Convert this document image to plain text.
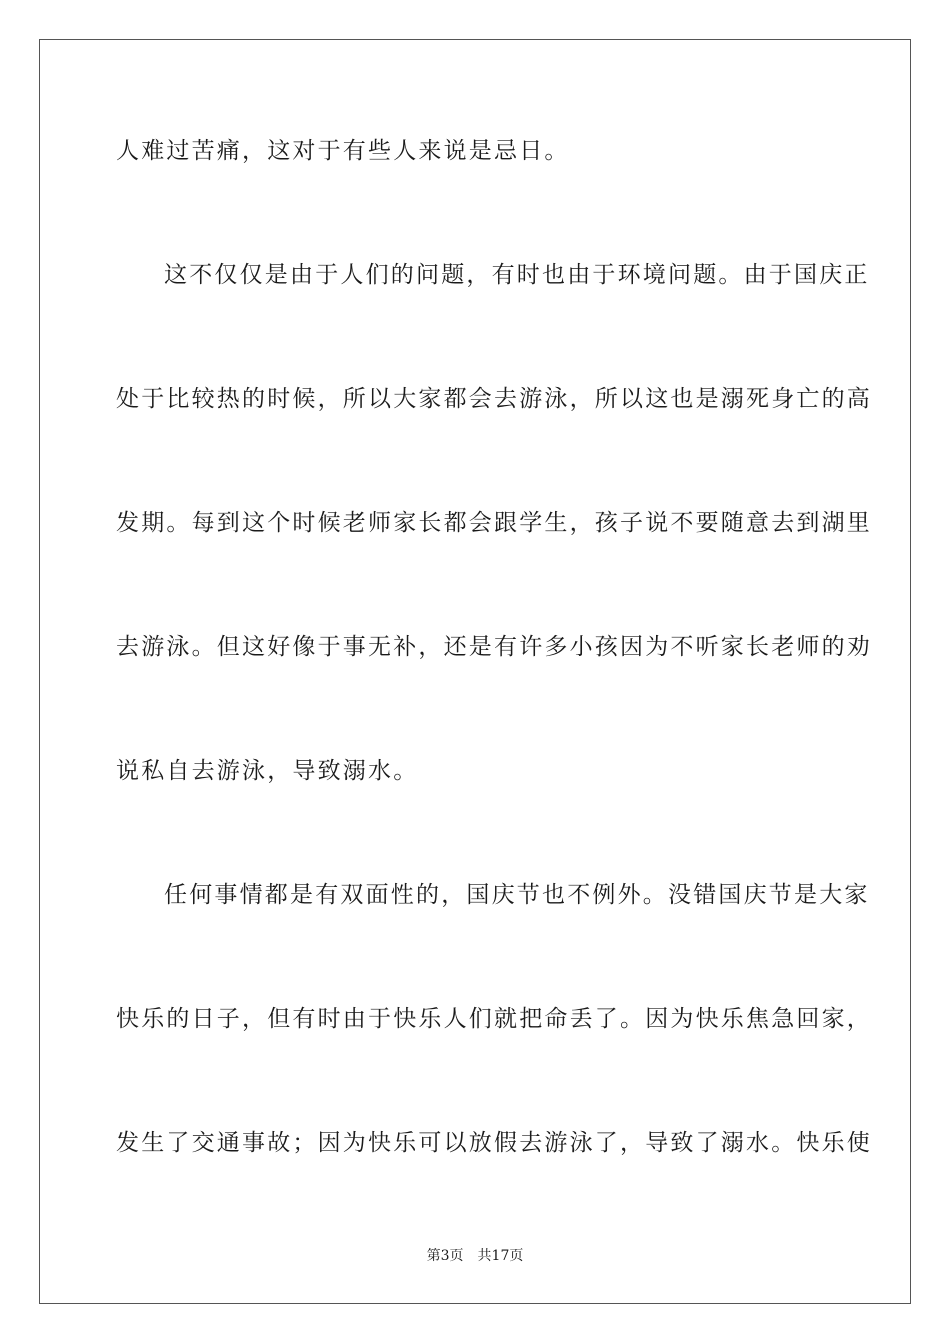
人难过苦痛，这对于有些人来说是忌日。
这不仅仅是由于人们的问题，有时也由于环境问题。由于国庆正
处于比较热的时候，所以大家都会去游泳，所以这也是溺死身亡的高
发期。每到这个时候老师家长都会跟学生，孩子说不要随意去到湖里
去游泳。但这好像于事无补，还是有许多小孩因为不听家长老师的劝
说私自去游泳，导致溺水。
任何事情都是有双面性的，国庆节也不例外。没错国庆节是大家
快乐的日子，但有时由于快乐人们就把命丢了。因为快乐焦急回家，
发生了交通事故；因为快乐可以放假去游泳了，导致了溺水。快乐使
第3页 共17页
